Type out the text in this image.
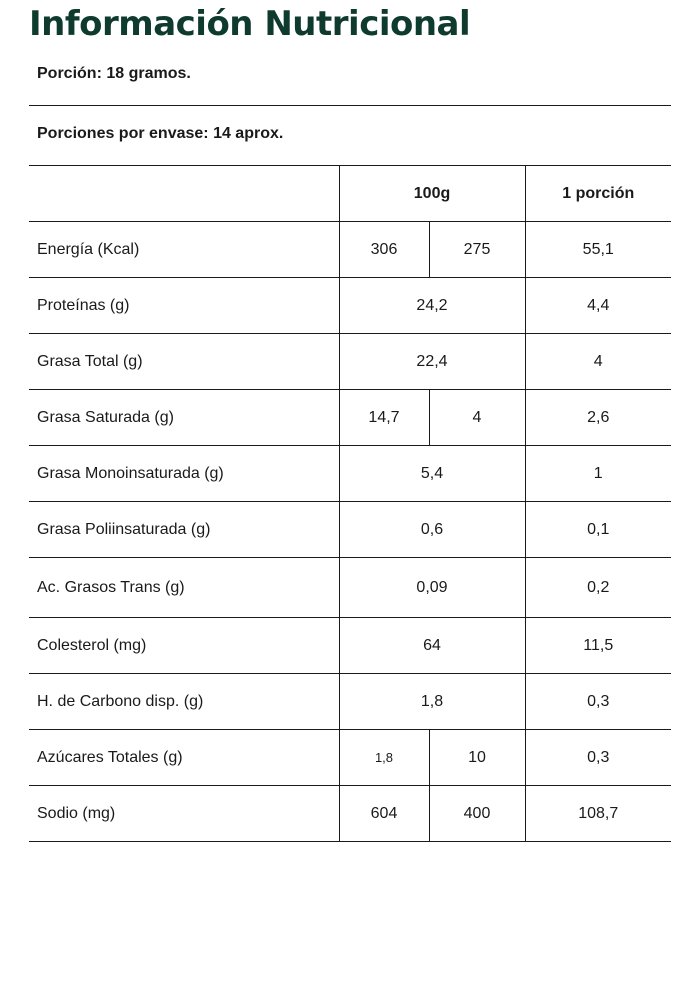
Información Nutricional
Porción: 18 gramos.
Porciones por envase: 14 aprox.
	100g		1 porción
Energía (Kcal)	306	275	55,1
Proteínas (g)	24,2		4,4
Grasa Total (g)	22,4		4
Grasa Saturada (g)	14,7	4	2,6
Grasa Monoinsaturada (g)	5,4		1
Grasa Poliinsaturada (g)	0,6		0,1
Ac. Grasos Trans (g)	0,09		0,2
Colesterol (mg)	64		11,5
H. de Carbono disp. (g)	1,8		0,3
Azúcares Totales (g)	1,8	10	0,3
Sodio (mg)	604	400	108,7
